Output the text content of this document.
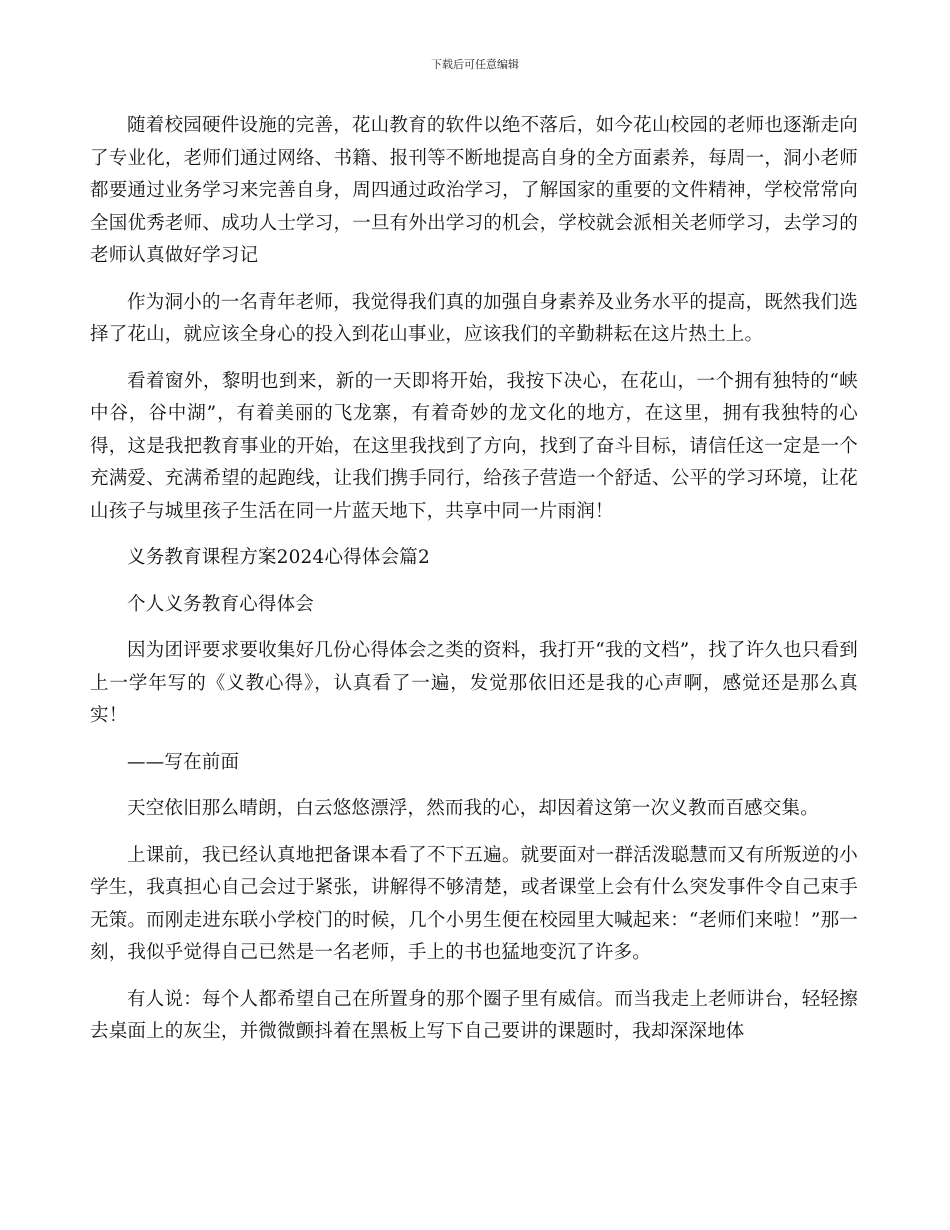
下载后可任意编辑

随着校园硬件设施的完善，花山教育的软件以绝不落后，如今花山校园的老师也逐渐走向了专业化，老师们通过网络、书籍、报刊等不断地提高自身的全方面素养，每周一，洞小老师都要通过业务学习来完善自身，周四通过政治学习，了解国家的重要的文件精神，学校常常向全国优秀老师、成功人士学习，一旦有外出学习的机会，学校就会派相关老师学习，去学习的老师认真做好学习记

作为洞小的一名青年老师，我觉得我们真的加强自身素养及业务水平的提高，既然我们选择了花山，就应该全身心的投入到花山事业，应该我们的辛勤耕耘在这片热土上。

看着窗外，黎明也到来，新的一天即将开始，我按下决心，在花山，一个拥有独特的“峡中谷，谷中湖”，有着美丽的飞龙寨，有着奇妙的龙文化的地方，在这里，拥有我独特的心得，这是我把教育事业的开始，在这里我找到了方向，找到了奋斗目标，请信任这一定是一个充满爱、充满希望的起跑线，让我们携手同行，给孩子营造一个舒适、公平的学习环境，让花山孩子与城里孩子生活在同一片蓝天地下，共享中同一片雨润！

义务教育课程方案2024心得体会篇2

个人义务教育心得体会

因为团评要求要收集好几份心得体会之类的资料，我打开“我的文档”，找了许久也只看到上一学年写的《义教心得》，认真看了一遍，发觉那依旧还是我的心声啊，感觉还是那么真实！

——写在前面

天空依旧那么晴朗，白云悠悠漂浮，然而我的心，却因着这第一次义教而百感交集。

上课前，我已经认真地把备课本看了不下五遍。就要面对一群活泼聪慧而又有所叛逆的小学生，我真担心自己会过于紧张，讲解得不够清楚，或者课堂上会有什么突发事件令自己束手无策。而刚走进东联小学校门的时候，几个小男生便在校园里大喊起来：“老师们来啦！”那一刻，我似乎觉得自己已然是一名老师，手上的书也猛地变沉了许多。

有人说：每个人都希望自己在所置身的那个圈子里有威信。而当我走上老师讲台，轻轻擦去桌面上的灰尘，并微微颤抖着在黑板上写下自己要讲的课题时，我却深深地体
